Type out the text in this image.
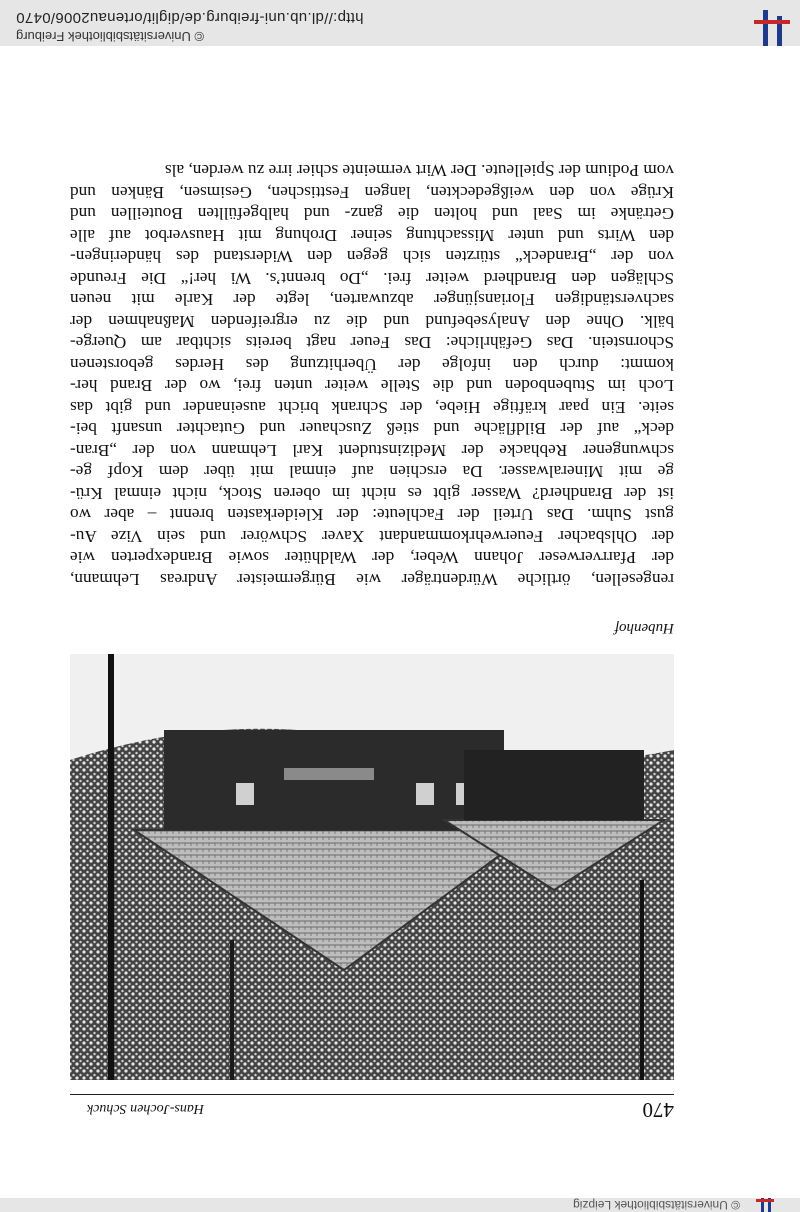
© Universitätsbibliothek Leipzig
470
Hans-Jochen Schuck
Hubenhof
rengesellen, örtliche Würdenträger wie Bürgermeister Andreas Lehmann,
der Pfarrverweser Johann Weber, der Waldhüter sowie Brandexperten wie
der Ohlsbacher Feuerwehrkommandant Xaver Schwörer und sein Vize Au-
gust Suhm. Das Urteil der Fachleute: der Kleiderkasten brennt – aber wo
ist der Brandherd? Wasser gibt es nicht im oberen Stock, nicht einmal Krü-
ge mit Mineralwasser. Da erschien auf einmal mit über dem Kopf ge-
schwungener Rebhacke der Medizinstudent Karl Lehmann von der „Bran-
deck“ auf der Bildfläche und stieß Zuschauer und Gutachter unsanft bei-
seite. Ein paar kräftige Hiebe, der Schrank bricht auseinander und gibt das
Loch im Stubenboden und die Stelle weiter unten frei, wo der Brand her-
kommt: durch den infolge der Überhitzung des Herdes geborstenen
Schornstein. Das Gefährliche: Das Feuer nagt bereits sichtbar am Querge-
bälk. Ohne den Analysebefund und die zu ergreifenden Maßnahmen der
sachverständigen Floriansjünger abzuwarten, legte der Karle mit neuen
Schlägen den Brandherd weiter frei. „Do brennt’s. Wi her!“ Die Freunde
von der „Brandeck“ stürzten sich gegen den Widerstand des händeringen-
den Wirts und unter Missachtung seiner Drohung mit Hausverbot auf alle
Getränke im Saal und holten die ganz- und halbgefüllten Bouteillen und
Krüge von den weißgedeckten, langen Festtischen, Gesimsen, Bänken und
vom Podium der Spielleute. Der Wirt vermeinte schier irre zu werden, als
© Universitätsbibliothek Freiburg
http://dl.ub.uni-freiburg.de/diglit/ortenau2006/0470
